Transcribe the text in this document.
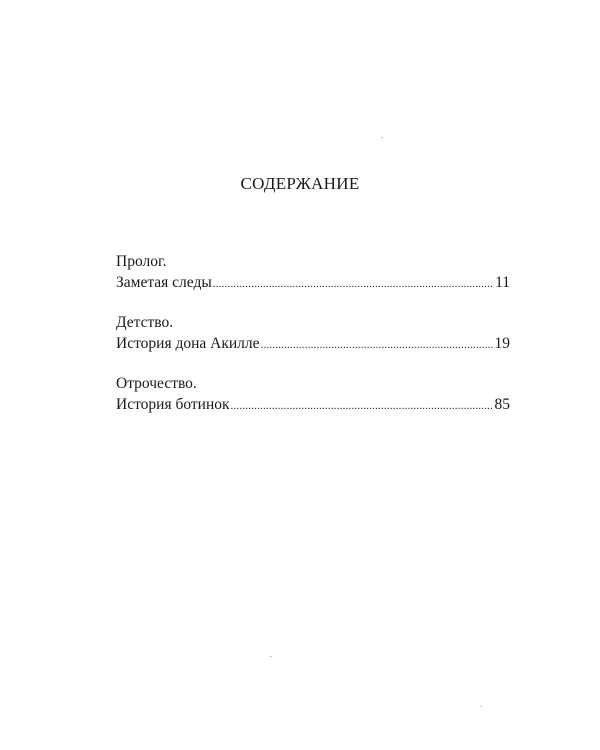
СОДЕРЖАНИЕ
Пролог.
Заметая следы .....	11
Детство.
История дона Акилле .....	19
Отрочество.
История ботинок .....	85
